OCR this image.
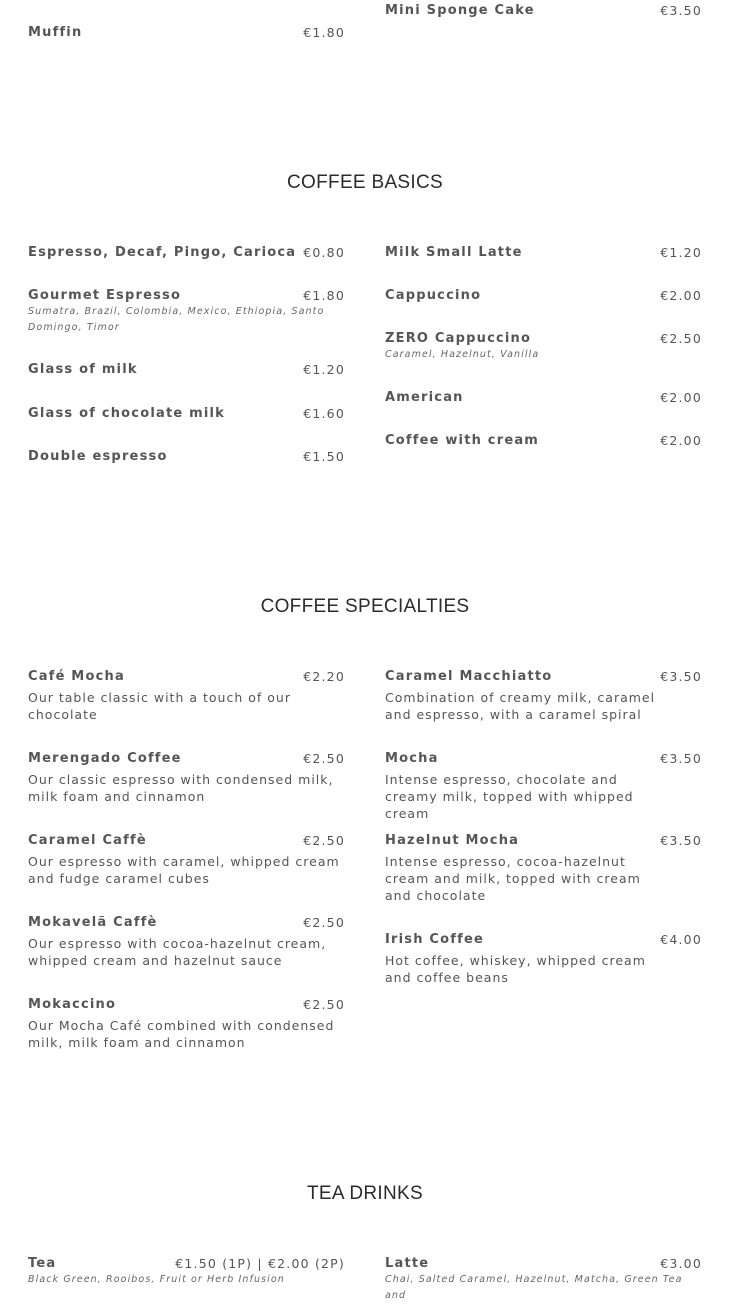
Muffin	€1.80
Mini Sponge Cake	€3.50
COFFEE BASICS
Espresso, Decaf, Pingo, Carioca €0.80
Gourmet Espresso	€1.80
Sumatra, Brazil, Colombia, Mexico, Ethiopia, Santo Domingo, Timor
Glass of milk	€1.20
Glass of chocolate milk	€1.60
Double espresso	€1.50
Milk Small Latte	€1.20
Cappuccino	€2.00
ZERO Cappuccino	€2.50
Caramel, Hazelnut, Vanilla
American	€2.00
Coffee with cream	€2.00
COFFEE SPECIALTIES
Café Mocha	€2.20
Our table classic with a touch of our chocolate
Merengado Coffee	€2.50
Our classic espresso with condensed milk, milk foam and cinnamon
Caramel Caffè	€2.50
Our espresso with caramel, whipped cream and fudge caramel cubes
Mokavelã Caffè	€2.50
Our espresso with cocoa-hazelnut cream, whipped cream and hazelnut sauce
Mokaccino	€2.50
Our Mocha Café combined with condensed milk, milk foam and cinnamon
Caramel Macchiatto	€3.50
Combination of creamy milk, caramel and espresso, with a caramel spiral
Mocha	€3.50
Intense espresso, chocolate and creamy milk, topped with whipped cream
Hazelnut Mocha	€3.50
Intense espresso, cocoa-hazelnut cream and milk, topped with cream and chocolate
Irish Coffee	€4.00
Hot coffee, whiskey, whipped cream and coffee beans
TEA DRINKS
Tea	€1.50 (1P) | €2.00 (2P)
Black Green, Rooibos, Fruit or Herb Infusion
Latte	€3.00
Chai, Salted Caramel, Hazelnut, Matcha, Green Tea and
